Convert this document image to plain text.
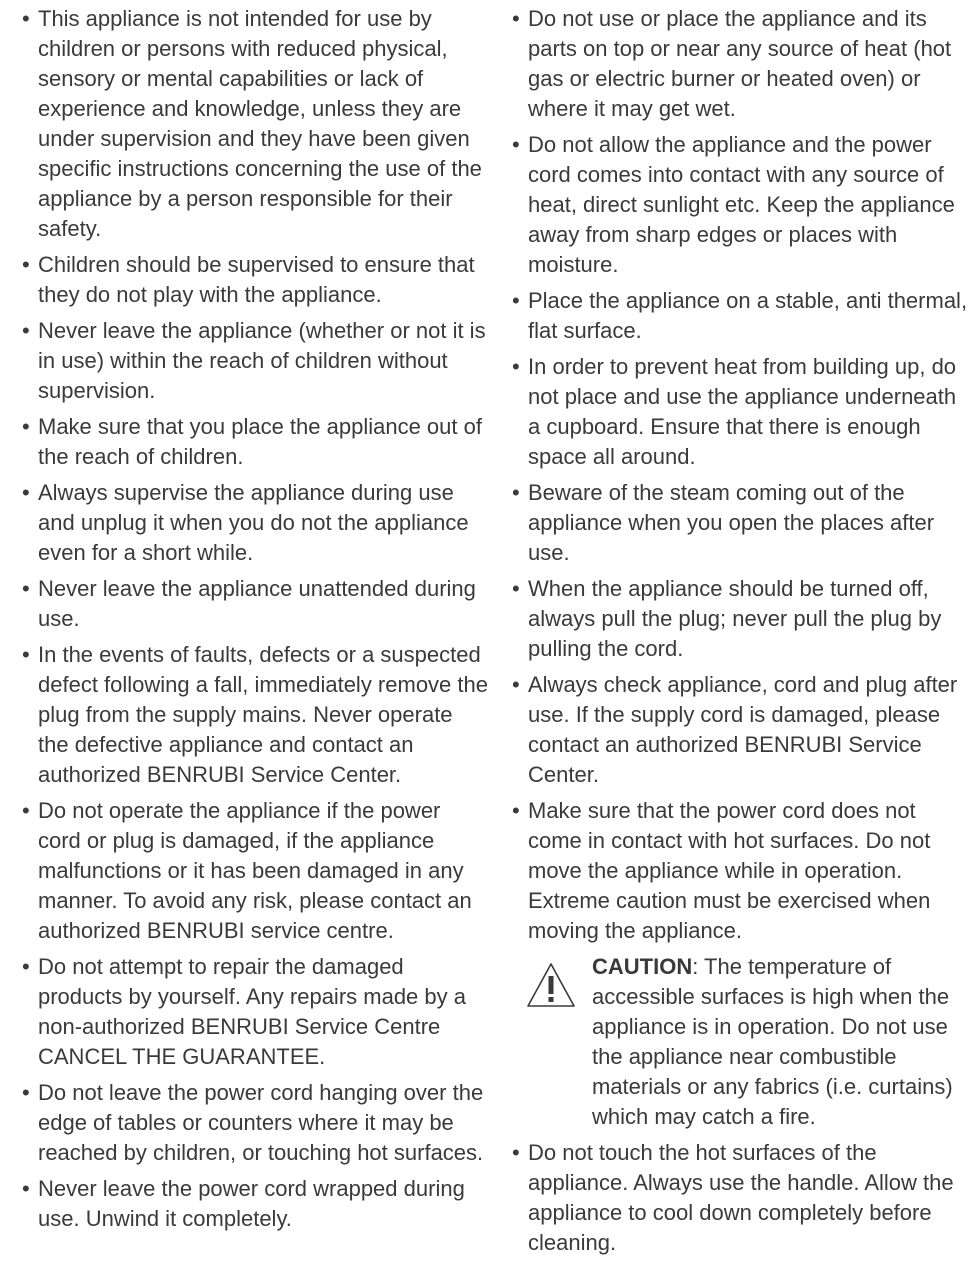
• This appliance is not intended for use by children or persons with reduced physical, sensory or mental capabilities or lack of experience and knowledge, unless they are under supervision and they have been given specific instructions concerning the use of the appliance by a person responsible for their safety.
• Children should be supervised to ensure that they do not play with the appliance.
• Never leave the appliance (whether or not it is in use) within the reach of children without supervision.
• Make sure that you place the appliance out of the reach of children.
• Always supervise the appliance during use and unplug it when you do not the appliance even for a short while.
• Never leave the appliance unattended during use.
• In the events of faults, defects or a suspected defect following a fall, immediately remove the plug from the supply mains. Never operate the defective appliance and contact an authorized BENRUBI Service Center.
• Do not operate the appliance if the power cord or plug is damaged, if the appliance malfunctions or it has been damaged in any manner. To avoid any risk, please contact an authorized BENRUBI service centre.
• Do not attempt to repair the damaged products by yourself. Any repairs made by a non-authorized BENRUBI Service Centre CANCEL THE GUARANTEE.
• Do not leave the power cord hanging over the edge of tables or counters where it may be reached by children, or touching hot surfaces.
• Never leave the power cord wrapped during use. Unwind it completely.
• Do not use or place the appliance and its parts on top or near any source of heat (hot gas or electric burner or heated oven) or where it may get wet.
• Do not allow the appliance and the power cord comes into contact with any source of heat, direct sunlight etc. Keep the appliance away from sharp edges or places with moisture.
• Place the appliance on a stable, anti thermal, flat surface.
• In order to prevent heat from building up, do not place and use the appliance underneath a cupboard. Ensure that there is enough space all around.
• Beware of the steam coming out of the appliance when you open the places after use.
• When the appliance should be turned off, always pull the plug; never pull the plug by pulling the cord.
• Always check appliance, cord and plug after use. If the supply cord is damaged, please contact an authorized BENRUBI Service Center.
• Make sure that the power cord does not come in contact with hot surfaces. Do not move the appliance while in operation. Extreme caution must be exercised when moving the appliance.
CAUTION: The temperature of accessible surfaces is high when the appliance is in operation. Do not use the appliance near combustible materials or any fabrics (i.e. curtains) which may catch a fire.
• Do not touch the hot surfaces of the appliance. Always use the handle. Allow the appliance to cool down completely before cleaning.
